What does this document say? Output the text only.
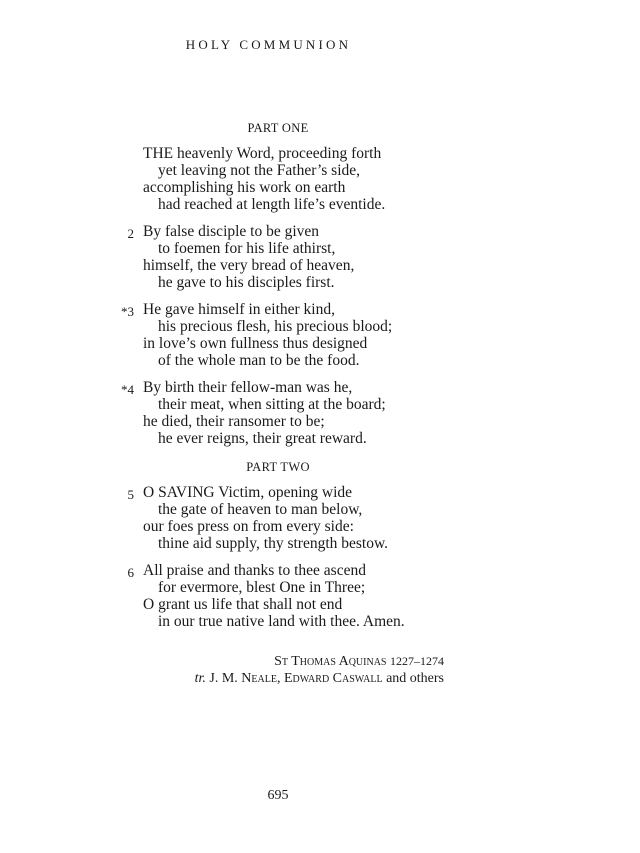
HOLY COMMUNION
PART ONE
THE heavenly Word, proceeding forth
yet leaving not the Father’s side,
accomplishing his work on earth
had reached at length life’s eventide.
2 By false disciple to be given
to foemen for his life athirst,
himself, the very bread of heaven,
he gave to his disciples first.
*3 He gave himself in either kind,
his precious flesh, his precious blood;
in love’s own fullness thus designed
of the whole man to be the food.
*4 By birth their fellow-man was he,
their meat, when sitting at the board;
he died, their ransomer to be;
he ever reigns, their great reward.
PART TWO
5 O SAVING Victim, opening wide
the gate of heaven to man below,
our foes press on from every side:
thine aid supply, thy strength bestow.
6 All praise and thanks to thee ascend
for evermore, blest One in Three;
O grant us life that shall not end
in our true native land with thee. Amen.
St Thomas Aquinas 1227–1274
tr. J. M. Neale, Edward Caswall and others
695
